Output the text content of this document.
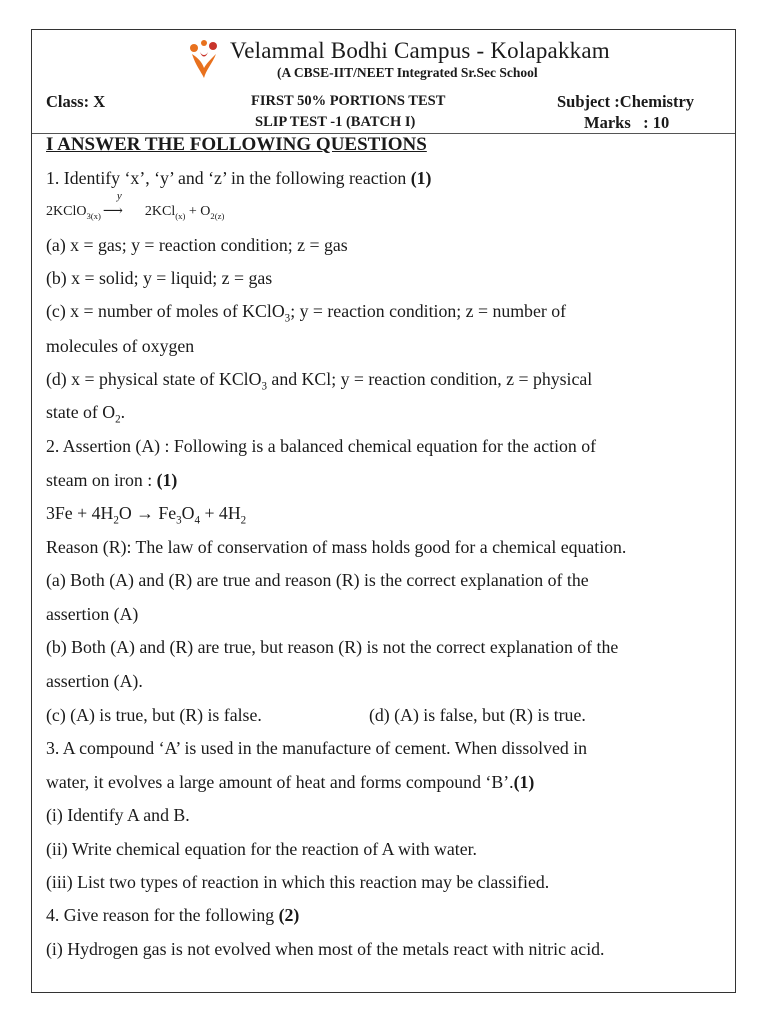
Velammal Bodhi Campus - Kolapakkam
(A CBSE-IIT/NEET Integrated Sr.Sec School
Class: X	FIRST 50% PORTIONS TEST
SLIP TEST -1 (BATCH I)
Subject :Chemistry
Marks   : 10
I ANSWER THE FOLLOWING QUESTIONS
1. Identify ‘x’, ‘y’ and ‘z’ in the following reaction (1)
2KClO$_{3(x)}$
y
⟶ $2KCl_{(x)} + O_{2(z)}$
(a) x = gas; y = reaction condition; z = gas
(b) x = solid; y = liquid; z = gas
(c) x = number of moles of KClO$_3$; y = reaction condition; z = number of
molecules of oxygen
(d) x = physical state of KClO$_3$ and KCl; y = reaction condition, z = physical
state of $O_2$.
2. Assertion (A) : Following is a balanced chemical equation for the action of
steam on iron : (1)
$3Fe + 4H_2O \to Fe_3O_4 + 4H_2$
Reason (R): The law of conservation of mass holds good for a chemical equation.
(a) Both (A) and (R) are true and reason (R) is the correct explanation of the
assertion (A)
(b) Both (A) and (R) are true, but reason (R) is not the correct explanation of the
assertion (A).
(c) (A) is true, but (R) is false.	(d) (A) is false, but (R) is true.
3. A compound ‘A’ is used in the manufacture of cement. When dissolved in
water, it evolves a large amount of heat and forms compound ‘B’.(1)
(i) Identify A and B.
(ii) Write chemical equation for the reaction of A with water.
(iii) List two types of reaction in which this reaction may be classified.
4. Give reason for the following (2)
(i) Hydrogen gas is not evolved when most of the metals react with nitric acid.
